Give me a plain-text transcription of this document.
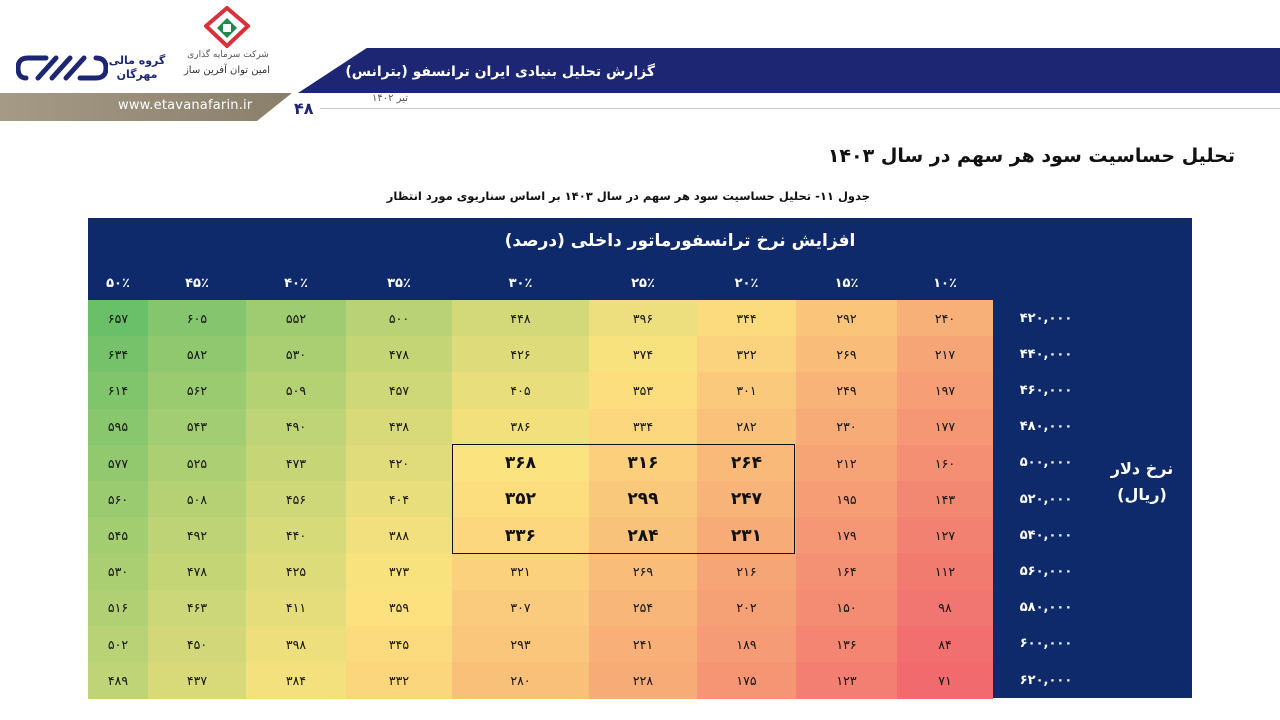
گزارش تحلیل بنیادی ایران ترانسفو (بترانس)
www.etavanafarin.ir	تیر ۱۴۰۲
۴۸
گروه مالی مهرگان
شرکت سرمایه گذاری
امین توان آفرین ساز
تحلیل حساسیت سود هر سهم در سال ۱۴۰۳
جدول ۱۱- تحلیل حساسیت سود هر سهم در سال ۱۴۰۳ بر اساس سناریوی مورد انتظار
افزایش نرخ ترانسفورماتور داخلی (درصد)
۱۰٪
۱۵٪
۲۰٪
۲۵٪
۳۰٪
۳۵٪
۴۰٪
۴۵٪
۵۰٪
۲۴۰
۲۹۲
۳۴۴
۳۹۶
۴۴۸
۵۰۰
۵۵۲
۶۰۵
۶۵۷
۲۱۷
۲۶۹
۳۲۲
۳۷۴
۴۲۶
۴۷۸
۵۳۰
۵۸۲
۶۳۴
۱۹۷
۲۴۹
۳۰۱
۳۵۳
۴۰۵
۴۵۷
۵۰۹
۵۶۲
۶۱۴
۱۷۷
۲۳۰
۲۸۲
۳۳۴
۳۸۶
۴۳۸
۴۹۰
۵۴۳
۵۹۵
۱۶۰
۲۱۲
۲۶۴
۳۱۶
۳۶۸
۴۲۰
۴۷۳
۵۲۵
۵۷۷
۱۴۳
۱۹۵
۲۴۷
۲۹۹
۳۵۲
۴۰۴
۴۵۶
۵۰۸
۵۶۰
۱۲۷
۱۷۹
۲۳۱
۲۸۴
۳۳۶
۳۸۸
۴۴۰
۴۹۲
۵۴۵
۱۱۲
۱۶۴
۲۱۶
۲۶۹
۳۲۱
۳۷۳
۴۲۵
۴۷۸
۵۳۰
۹۸
۱۵۰
۲۰۲
۲۵۴
۳۰۷
۳۵۹
۴۱۱
۴۶۳
۵۱۶
۸۴
۱۳۶
۱۸۹
۲۴۱
۲۹۳
۳۴۵
۳۹۸
۴۵۰
۵۰۲
۷۱
۱۲۳
۱۷۵
۲۲۸
۲۸۰
۳۳۲
۳۸۴
۴۳۷
۴۸۹
۴۲۰,۰۰۰
۴۴۰,۰۰۰
۴۶۰,۰۰۰
۴۸۰,۰۰۰
۵۰۰,۰۰۰
۵۲۰,۰۰۰
۵۴۰,۰۰۰
۵۶۰,۰۰۰
۵۸۰,۰۰۰
۶۰۰,۰۰۰
۶۲۰,۰۰۰
نرخ دلار
(ریال)
